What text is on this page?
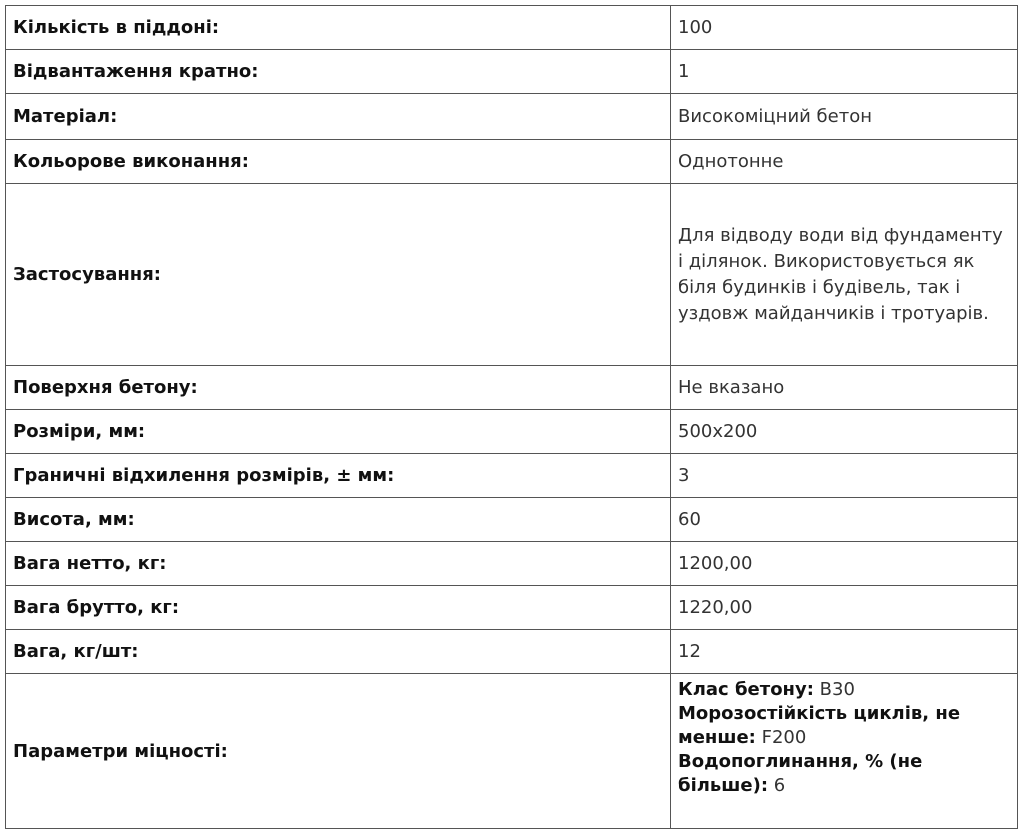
Кількість в піддоні:	100
Відвантаження кратно:	1
Матеріал:	Високоміцний бетон
Кольорове виконання:	Однотонне
Застосування:	Для відводу води від фундаменту і ділянок. Використовується як біля будинків і будівель, так і уздовж майданчиків і тротуарів.
Поверхня бетону:	Не вказано
Розміри, мм:	500x200
Граничні відхилення розмірів, ± мм:	3
Висота, мм:	60
Вага нетто, кг:	1200,00
Вага брутто, кг:	1220,00
Вага, кг/шт:	12
Параметри міцності:	Клас бетону: B30
Морозостійкість циклів, не менше: F200
Водопоглинання, % (не більше): 6
